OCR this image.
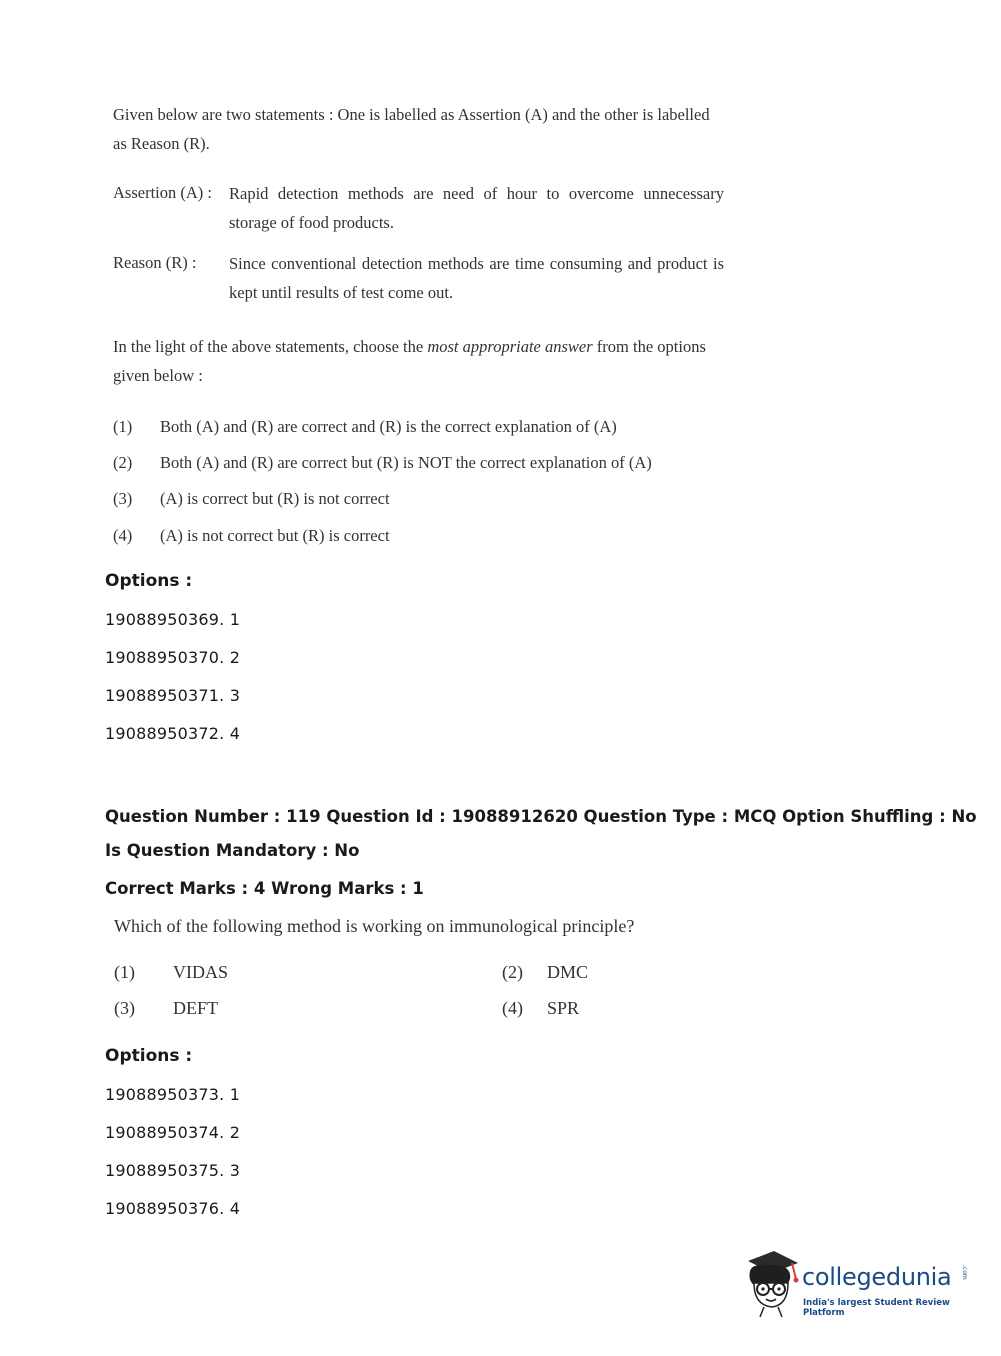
Given below are two statements : One is labelled as Assertion (A) and the other is labelled as Reason (R).
Assertion (A) : Rapid detection methods are need of hour to overcome unnecessary storage of food products.
Reason (R) : Since conventional detection methods are time consuming and product is kept until results of test come out.
In the light of the above statements, choose the most appropriate answer from the options given below :
(1) Both (A) and (R) are correct and (R) is the correct explanation of (A)
(2) Both (A) and (R) are correct but (R) is NOT the correct explanation of (A)
(3) (A) is correct but (R) is not correct
(4) (A) is not correct but (R) is correct
Options :
19088950369. 1
19088950370. 2
19088950371. 3
19088950372. 4
Question Number : 119 Question Id : 19088912620 Question Type : MCQ Option Shuffling : No
Is Question Mandatory : No
Correct Marks : 4 Wrong Marks : 1
Which of the following method is working on immunological principle?
(1) VIDAS	(2) DMC
(3) DEFT	(4) SPR
Options :
19088950373. 1
19088950374. 2
19088950375. 3
19088950376. 4
collegedunia .com
India's largest Student Review Platform
